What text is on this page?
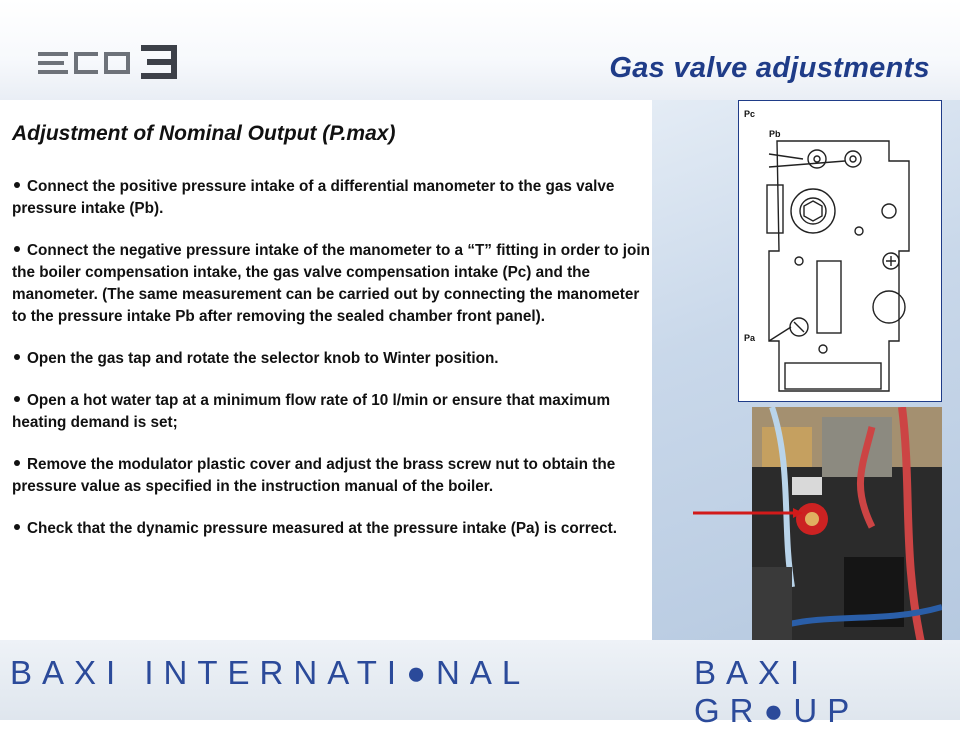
Gas valve adjustments
Adjustment of Nominal Output (P.max)
Connect the positive pressure intake of a differential manometer to the gas valve pressure intake (Pb).
Connect the negative pressure intake of the manometer to a “T” fitting in order to join the boiler compensation intake, the gas valve compensation intake (Pc) and the manometer. (The same measurement can be carried out by connecting the manometer to the pressure intake Pb after removing the sealed chamber front panel).
Open the gas tap and rotate the selector knob to Winter position.
Open a hot water tap at a minimum flow rate of 10 l/min or ensure that maximum heating demand is set;
Remove the modulator plastic cover and adjust the brass screw nut to obtain the pressure value as specified in the instruction manual of the boiler.
Check that the dynamic pressure measured at the pressure intake (Pa) is correct.
Pc
Pb
Pa
BAXI INTERNATI●NAL	BAXI GR●UP
